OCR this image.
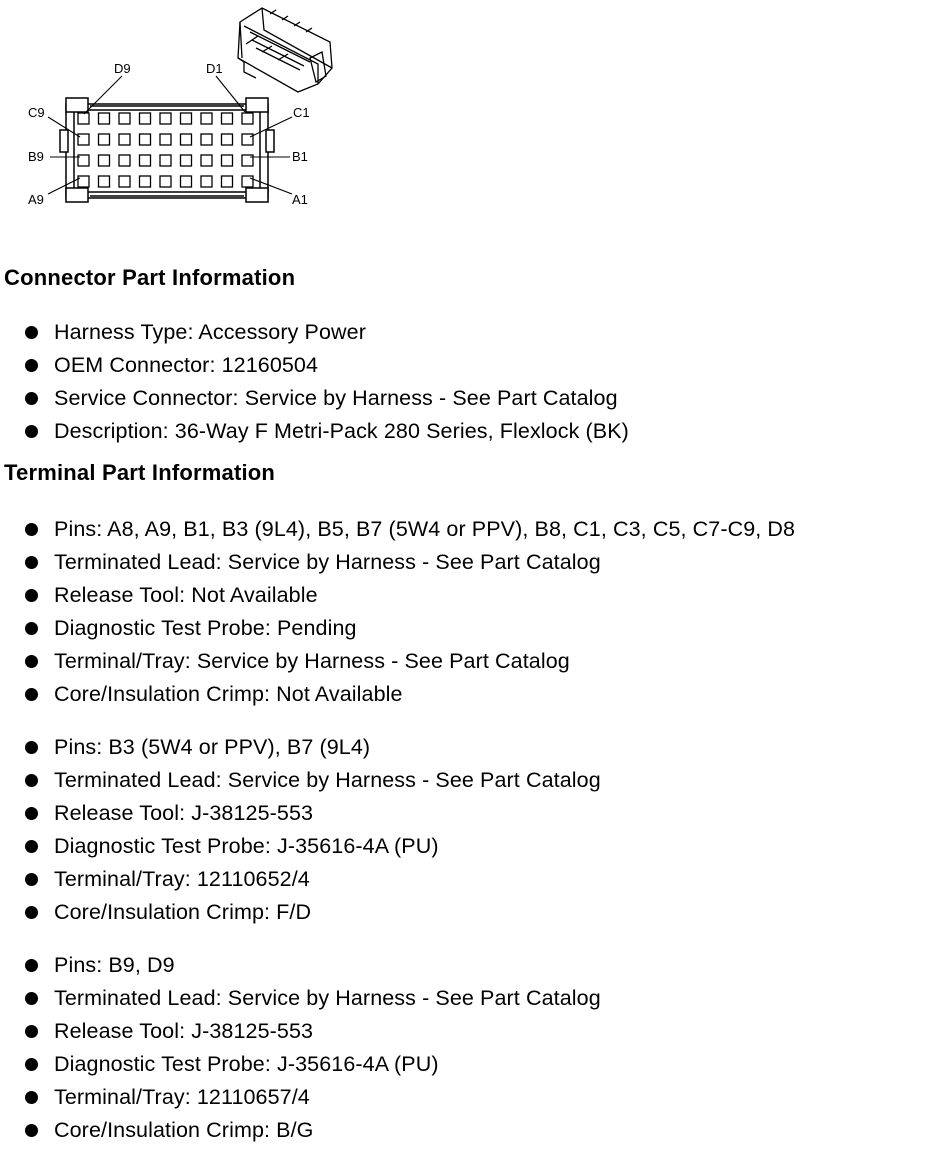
D9	D1
C9	C1
B9	B1
A9	A1
Connector Part Information
Harness Type: Accessory Power
OEM Connector: 12160504
Service Connector: Service by Harness - See Part Catalog
Description: 36-Way F Metri-Pack 280 Series, Flexlock (BK)
Terminal Part Information
Pins: A8, A9, B1, B3 (9L4), B5, B7 (5W4 or PPV), B8, C1, C3, C5, C7-C9, D8
Terminated Lead: Service by Harness - See Part Catalog
Release Tool: Not Available
Diagnostic Test Probe: Pending
Terminal/Tray: Service by Harness - See Part Catalog
Core/Insulation Crimp: Not Available
Pins: B3 (5W4 or PPV), B7 (9L4)
Terminated Lead: Service by Harness - See Part Catalog
Release Tool: J-38125-553
Diagnostic Test Probe: J-35616-4A (PU)
Terminal/Tray: 12110652/4
Core/Insulation Crimp: F/D
Pins: B9, D9
Terminated Lead: Service by Harness - See Part Catalog
Release Tool: J-38125-553
Diagnostic Test Probe: J-35616-4A (PU)
Terminal/Tray: 12110657/4
Core/Insulation Crimp: B/G
